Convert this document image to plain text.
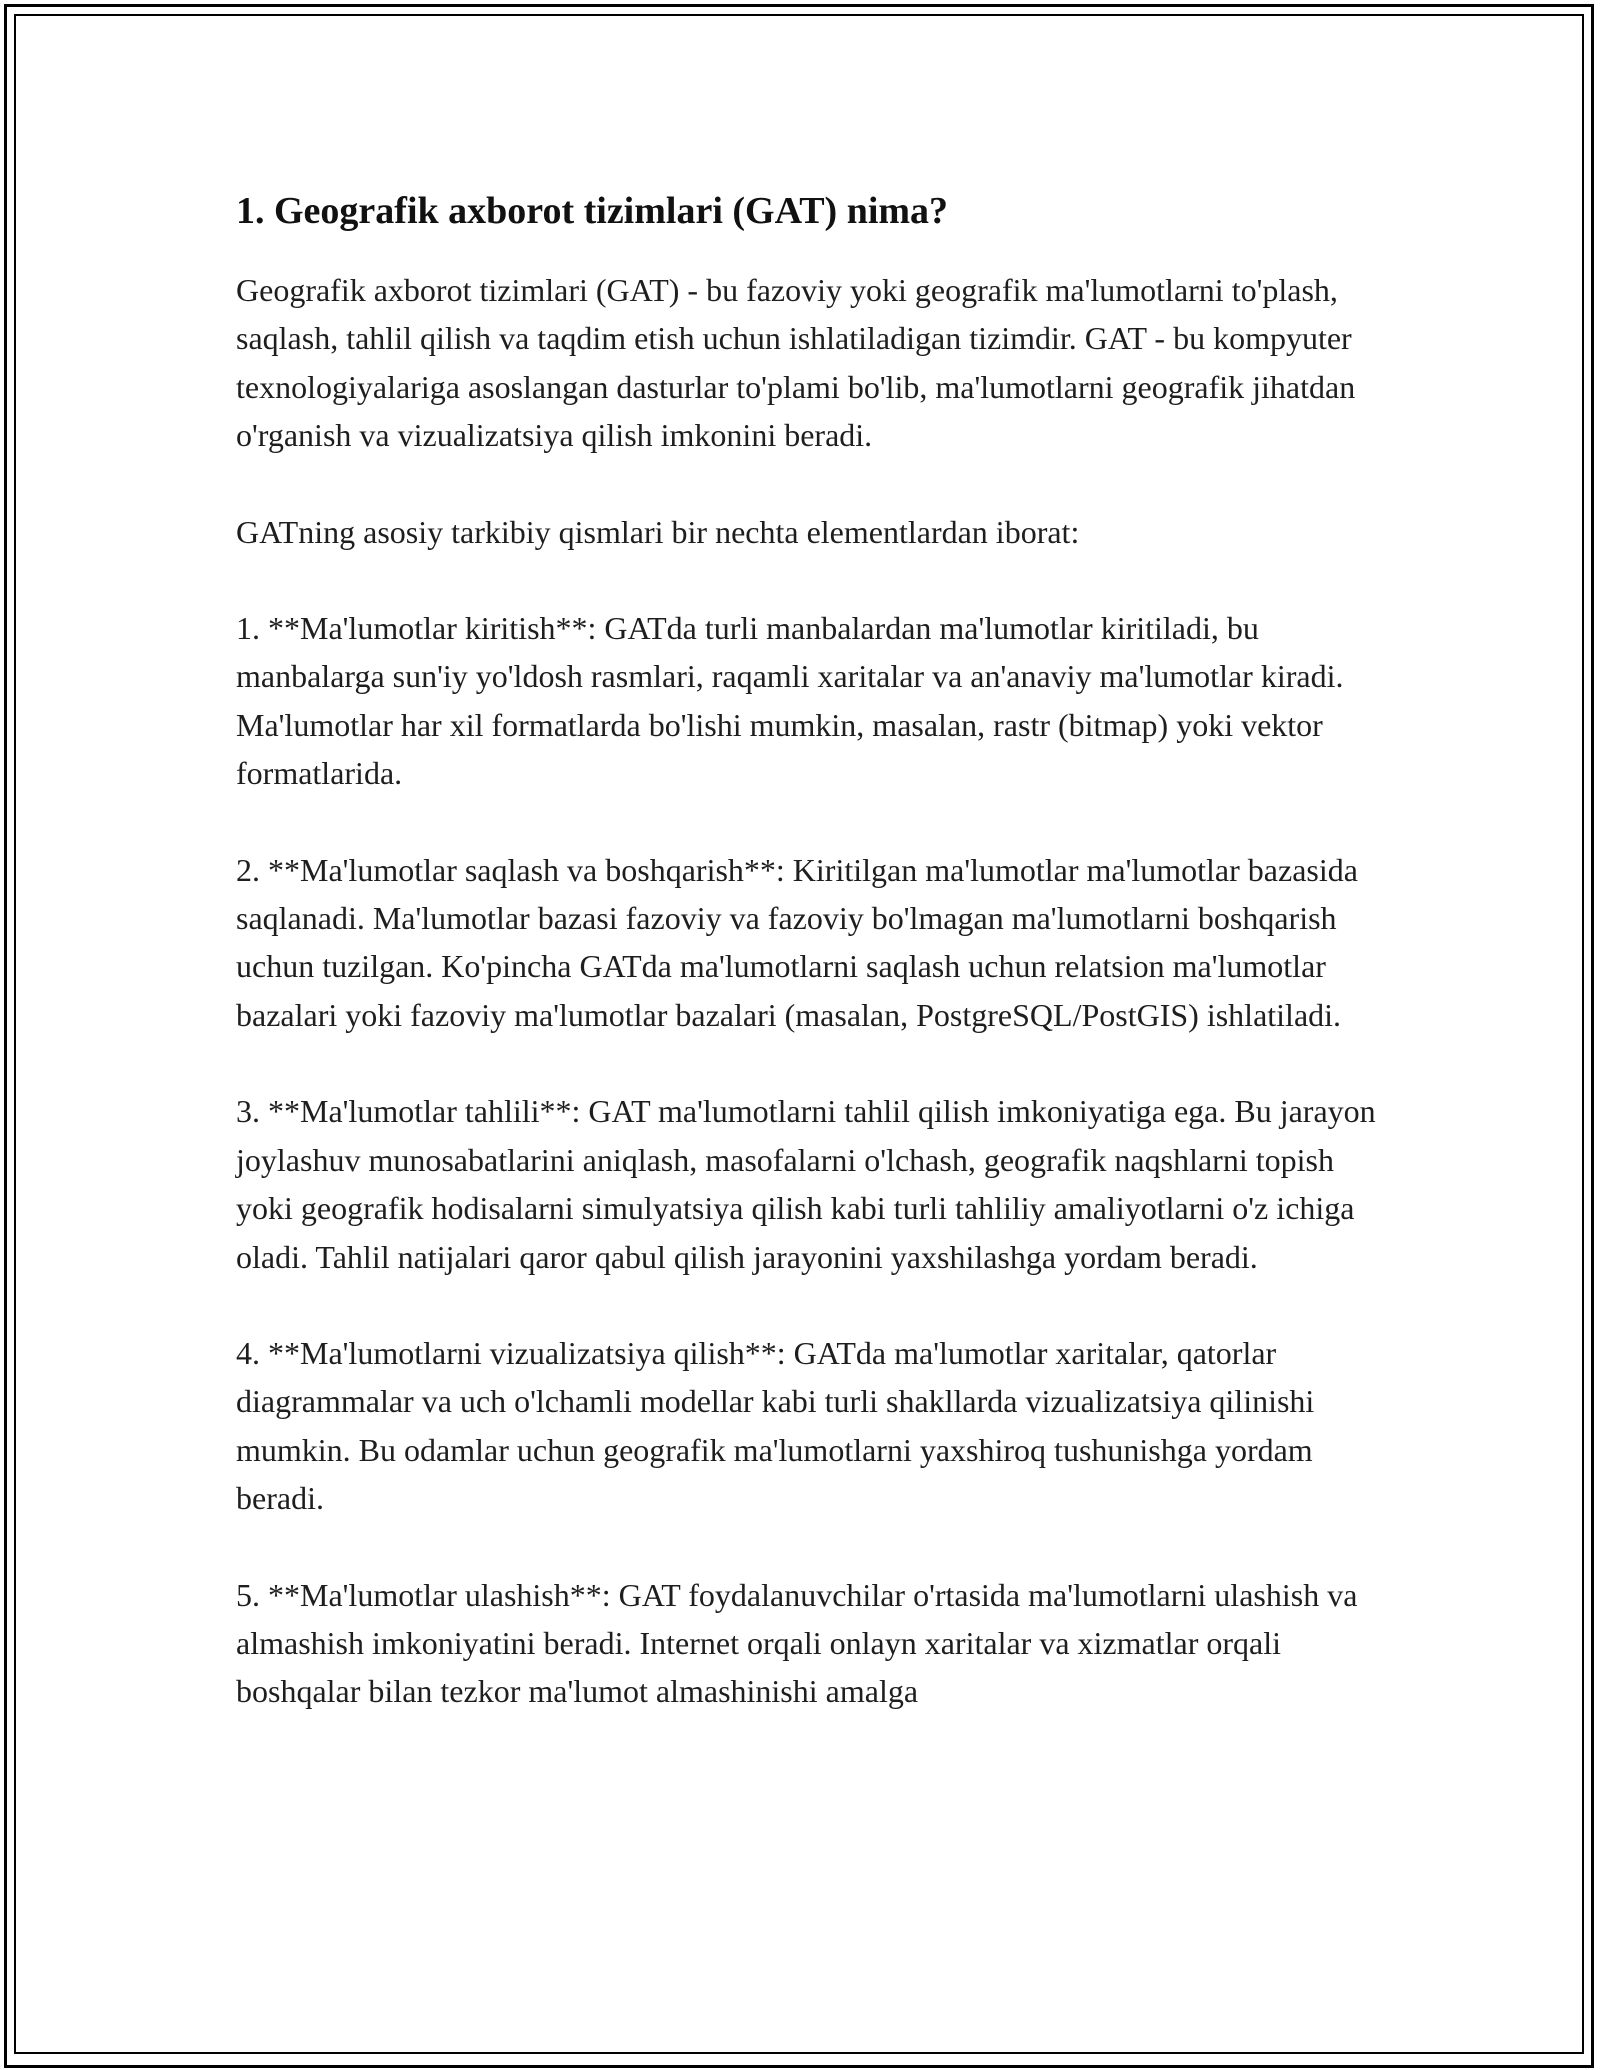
1. Geografik axborot tizimlari (GAT) nima?

Geografik axborot tizimlari (GAT) - bu fazoviy yoki geografik ma'lumotlarni to'plash, saqlash, tahlil qilish va taqdim etish uchun ishlatiladigan tizimdir. GAT - bu kompyuter texnologiyalariga asoslangan dasturlar to'plami bo'lib, ma'lumotlarni geografik jihatdan o'rganish va vizualizatsiya qilish imkonini beradi.

GATning asosiy tarkibiy qismlari bir nechta elementlardan iborat:

1. **Ma'lumotlar kiritish**: GATda turli manbalardan ma'lumotlar kiritiladi, bu manbalarga sun'iy yo'ldosh rasmlari, raqamli xaritalar va an'anaviy ma'lumotlar kiradi. Ma'lumotlar har xil formatlarda bo'lishi mumkin, masalan, rastr (bitmap) yoki vektor formatlarida.

2. **Ma'lumotlar saqlash va boshqarish**: Kiritilgan ma'lumotlar ma'lumotlar bazasida saqlanadi. Ma'lumotlar bazasi fazoviy va fazoviy bo'lmagan ma'lumotlarni boshqarish uchun tuzilgan. Ko'pincha GATda ma'lumotlarni saqlash uchun relatsion ma'lumotlar bazalari yoki fazoviy ma'lumotlar bazalari (masalan, PostgreSQL/PostGIS) ishlatiladi.

3. **Ma'lumotlar tahlili**: GAT ma'lumotlarni tahlil qilish imkoniyatiga ega. Bu jarayon joylashuv munosabatlarini aniqlash, masofalarni o'lchash, geografik naqshlarni topish yoki geografik hodisalarni simulyatsiya qilish kabi turli tahliliy amaliyotlarni o'z ichiga oladi. Tahlil natijalari qaror qabul qilish jarayonini yaxshilashga yordam beradi.

4. **Ma'lumotlarni vizualizatsiya qilish**: GATda ma'lumotlar xaritalar, qatorlar diagrammalar va uch o'lchamli modellar kabi turli shakllarda vizualizatsiya qilinishi mumkin. Bu odamlar uchun geografik ma'lumotlarni yaxshiroq tushunishga yordam beradi.

5. **Ma'lumotlar ulashish**: GAT foydalanuvchilar o'rtasida ma'lumotlarni ulashish va almashish imkoniyatini beradi. Internet orqali onlayn xaritalar va xizmatlar orqali boshqalar bilan tezkor ma'lumot almashinishi amalga
